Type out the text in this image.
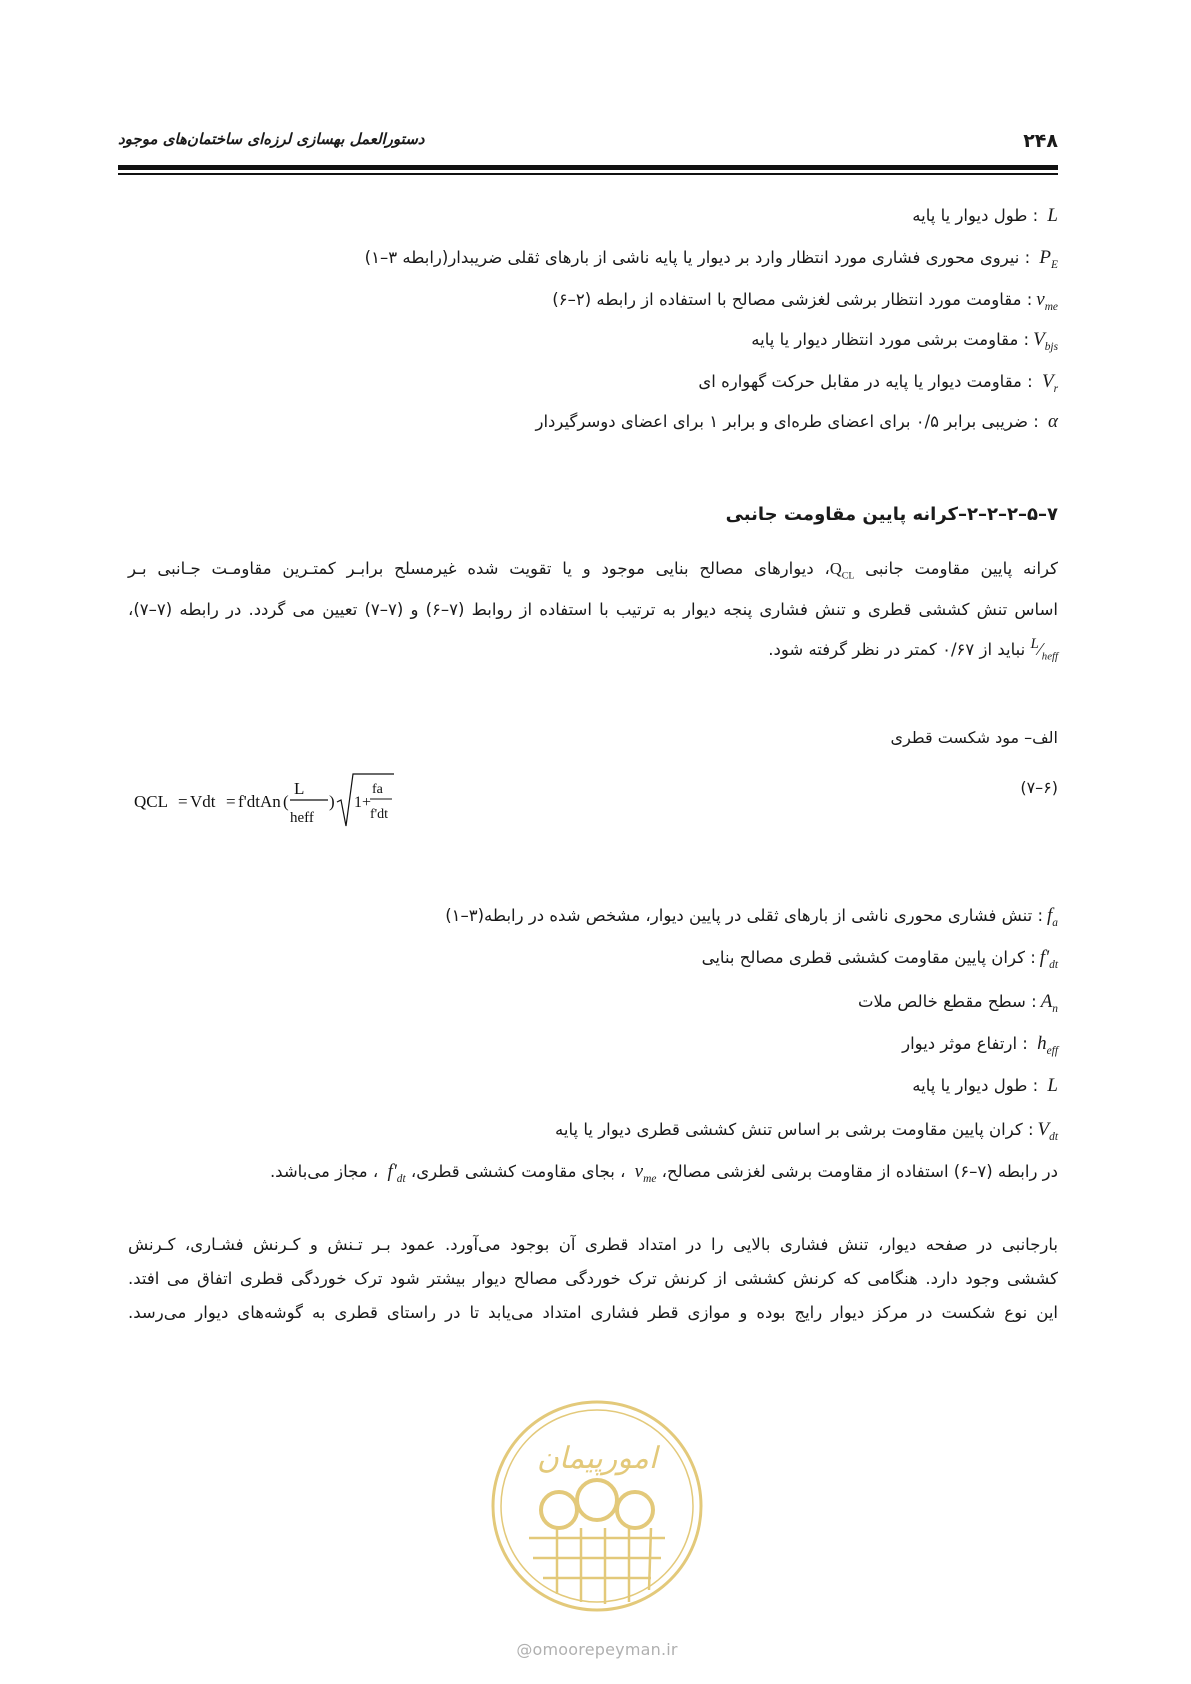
۲۴۸
دستورالعمل بهسازی لرزه‌ای ساختمان‌های موجود
L : طول دیوار یا پایه
$P_E$ : نیروی محوری فشاری مورد انتظار وارد بر دیوار یا پایه ناشی از بارهای ثقلی ضریبدار(رابطه ۳–۱)
$v_{me}$: مقاومت مورد انتظار برشی لغزشی مصالح با استفاده از رابطه (۲–۶)
$V_{bjs}$: مقاومت برشی مورد انتظار دیوار یا پایه
$V_r$ : مقاومت دیوار یا پایه در مقابل حرکت گهواره ای
α : ضریبی برابر ۰/۵ برای اعضای طره‌ای و برابر ۱ برای اعضای دوسرگیردار
۷–۵–۲–۲–۲–کرانه پایین مقاومت جانبی
کرانه پایین مقاومت جانبی $Q_{CL}،$ دیوارهای مصالح بنایی موجود و یا تقویت شده غیرمسلح برابـر کمتـرین مقاومـت جـانبی بـر
اساس تنش کششی قطری و تنش فشاری پنجه دیوار به ترتیب با استفاده از روابط (۷–۶) و (۷–۷) تعیین می گردد. در رابطه (۷–۷)،
$^L⁄_{heff}$ نباید از ۰/۶۷ کمتر در نظر گرفته شود.
الف– مود شکست قطری
QCL = Vdt = f'dtAn (
L
heff
) 1+
fa
f'dt
(۶–۷)
$f_a$: تنش فشاری محوری ناشی از بارهای ثقلی در پایین دیوار، مشخص شده در رابطه(۳–۱)
$f'_{dt}$: کران پایین مقاومت کششی قطری مصالح بنایی
$A_n$: سطح مقطع خالص ملات
$h_{eff}$ : ارتفاع موثر دیوار
L : طول دیوار یا پایه
$V_{dt}$: کران پایین مقاومت برشی بر اساس تنش کششی قطری دیوار یا پایه
در رابطه (۷–۶) استفاده از مقاومت برشی لغزشی مصالح، $v_{me}$ ، بجای مقاومت کششی قطری، $f'_{dt}$ ، مجاز می‌باشد.
بارجانبی در صفحه دیوار، تنش فشاری بالایی را در امتداد قطری آن بوجود می‌آورد. عمود بـر تـنش و کـرنش فشـاری، کـرنش
کششی وجود دارد. هنگامی که کرنش کششی از کرنش ترک خوردگی مصالح دیوار بیشتر شود ترک خوردگی قطری اتفاق می افتد.
این نوع شکست در مرکز دیوار رایج بوده و موازی قطر فشاری امتداد می‌یابد تا در راستای قطری به گوشه‌های دیوار می‌رسد.
امورپیمان
@omoorepeyman.ir
